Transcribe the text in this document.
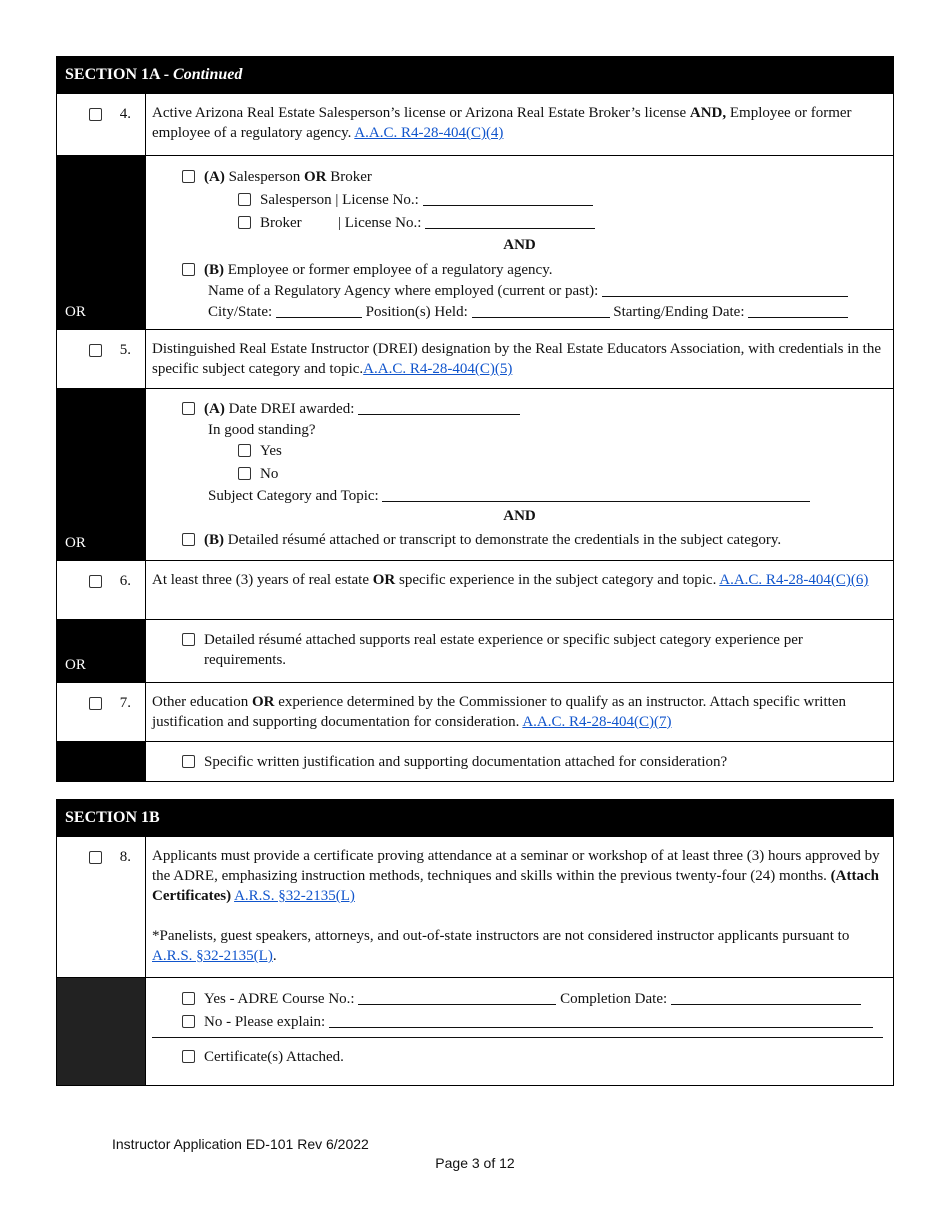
SECTION 1A - Continued
4.	Active Arizona Real Estate Salesperson’s license or Arizona Real Estate Broker’s license AND, Employee or former employee of a regulatory agency. A.A.C. R4-28-404(C)(4)
OR
(A) Salesperson OR Broker
Salesperson | License No.:
Broker | License No.:
AND
(B) Employee or former employee of a regulatory agency.
Name of a Regulatory Agency where employed (current or past):
City/State:	Position(s) Held:	Starting/Ending Date:
5.	Distinguished Real Estate Instructor (DREI) designation by the Real Estate Educators Association, with credentials in the specific subject category and topic.A.A.C. R4-28-404(C)(5)
OR
(A) Date DREI awarded:
In good standing?
Yes
No
Subject Category and Topic:
AND
(B) Detailed résumé attached or transcript to demonstrate the credentials in the subject category.
6.	At least three (3) years of real estate OR specific experience in the subject category and topic. A.A.C. R4-28-404(C)(6)
OR
Detailed résumé attached supports real estate experience or specific subject category experience per requirements.
7.	Other education OR experience determined by the Commissioner to qualify as an instructor. Attach specific written justification and supporting documentation for consideration. A.A.C. R4-28-404(C)(7)
Specific written justification and supporting documentation attached for consideration?
SECTION 1B
8. Applicants must provide a certificate proving attendance at a seminar or workshop of at least three (3) hours approved by the ADRE, emphasizing instruction methods, techniques and skills within the previous twenty-four (24) months. (Attach Certificates) A.R.S. §32-2135(L)
*Panelists, guest speakers, attorneys, and out-of-state instructors are not considered instructor applicants pursuant to A.R.S. §32-2135(L).
Yes - ADRE Course No.:	Completion Date:
No - Please explain:
Certificate(s) Attached.
Instructor Application ED-101 Rev 6/2022
Page 3 of 12
